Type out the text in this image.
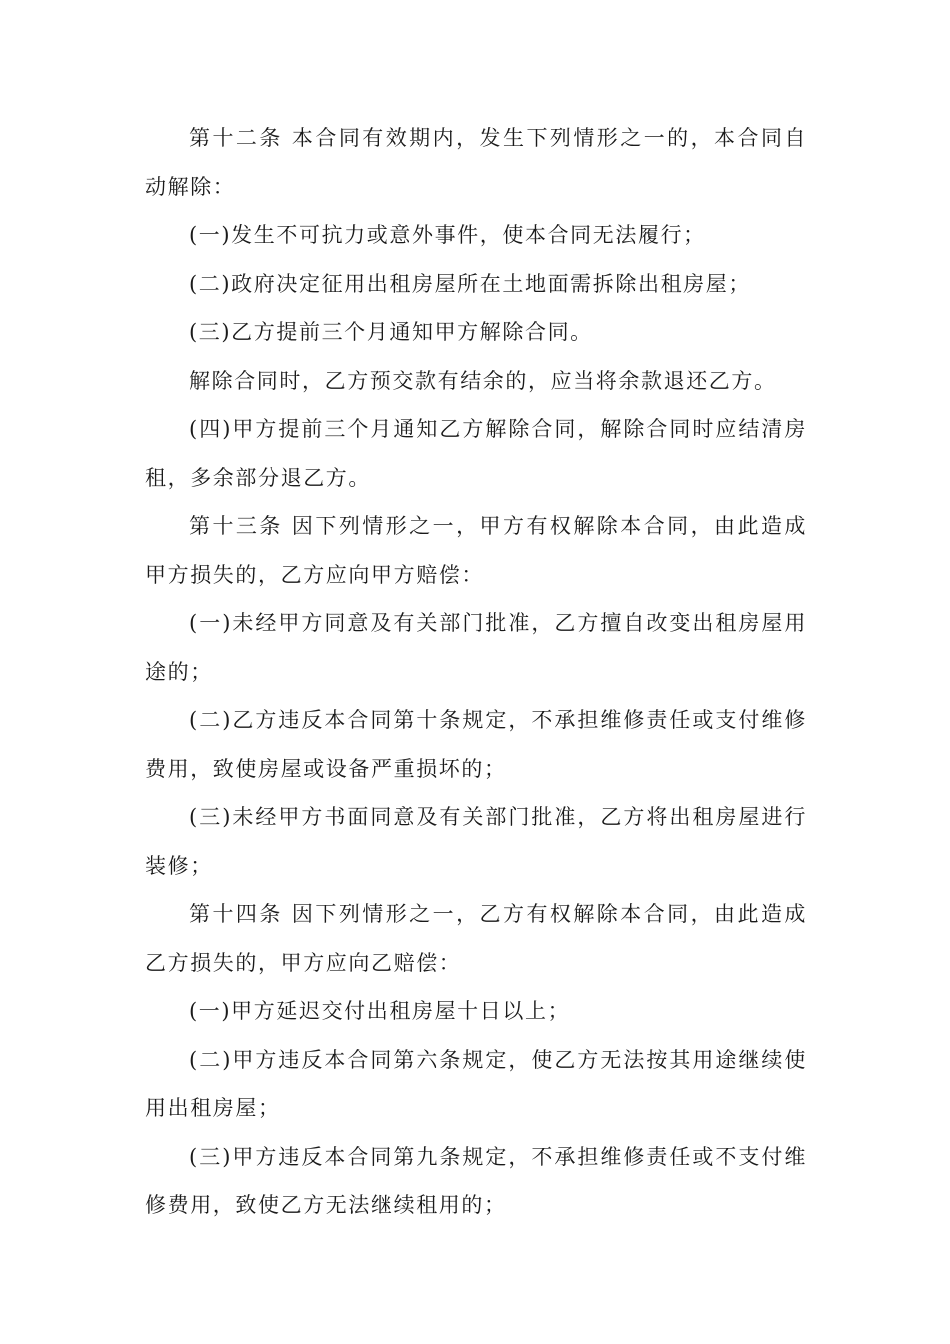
第十二条 本合同有效期内，发生下列情形之一的，本合同自动解除：

(一)发生不可抗力或意外事件，使本合同无法履行；

(二)政府决定征用出租房屋所在土地面需拆除出租房屋；

(三)乙方提前三个月通知甲方解除合同。

解除合同时，乙方预交款有结余的，应当将余款退还乙方。

(四)甲方提前三个月通知乙方解除合同，解除合同时应结清房租，多余部分退乙方。

第十三条 因下列情形之一，甲方有权解除本合同，由此造成甲方损失的，乙方应向甲方赔偿：

(一)未经甲方同意及有关部门批准，乙方擅自改变出租房屋用途的；

(二)乙方违反本合同第十条规定，不承担维修责任或支付维修费用，致使房屋或设备严重损坏的；

(三)未经甲方书面同意及有关部门批准，乙方将出租房屋进行装修；

第十四条 因下列情形之一，乙方有权解除本合同，由此造成乙方损失的，甲方应向乙赔偿：

(一)甲方延迟交付出租房屋十日以上；

(二)甲方违反本合同第六条规定，使乙方无法按其用途继续使用出租房屋；

(三)甲方违反本合同第九条规定，不承担维修责任或不支付维修费用，致使乙方无法继续租用的；
